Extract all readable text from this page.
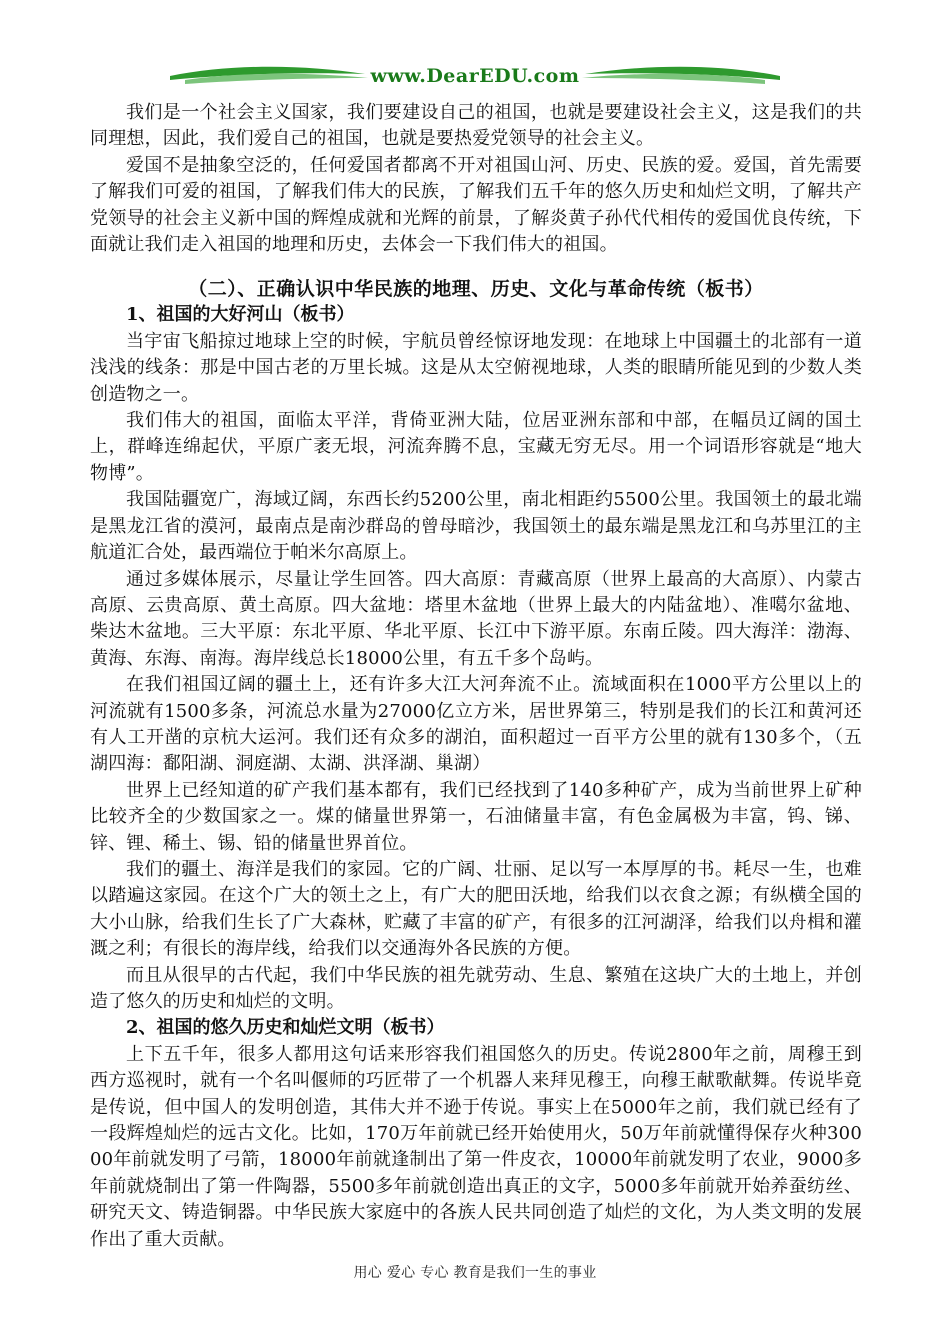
www.DearEDU.com

我们是一个社会主义国家，我们要建设自己的祖国，也就是要建设社会主义，这是我们的共同理想，因此，我们爱自己的祖国，也就是要热爱党领导的社会主义。

爱国不是抽象空泛的，任何爱国者都离不开对祖国山河、历史、民族的爱。爱国，首先需要了解我们可爱的祖国，了解我们伟大的民族，了解我们五千年的悠久历史和灿烂文明，了解共产党领导的社会主义新中国的辉煌成就和光辉的前景，了解炎黄子孙代代相传的爱国优良传统，下面就让我们走入祖国的地理和历史，去体会一下我们伟大的祖国。

（二）、正确认识中华民族的地理、历史、文化与革命传统（板书）

1、祖国的大好河山（板书）

当宇宙飞船掠过地球上空的时候，宇航员曾经惊讶地发现：在地球上中国疆土的北部有一道浅浅的线条：那是中国古老的万里长城。这是从太空俯视地球，人类的眼睛所能见到的少数人类创造物之一。

我们伟大的祖国，面临太平洋，背倚亚洲大陆，位居亚洲东部和中部，在幅员辽阔的国土上，群峰连绵起伏，平原广袤无垠，河流奔腾不息，宝藏无穷无尽。用一个词语形容就是“地大物博”。

我国陆疆宽广，海域辽阔，东西长约5200公里，南北相距约5500公里。我国领土的最北端是黑龙江省的漠河，最南点是南沙群岛的曾母暗沙，我国领土的最东端是黑龙江和乌苏里江的主航道汇合处，最西端位于帕米尔高原上。

通过多媒体展示，尽量让学生回答。四大高原：青藏高原（世界上最高的大高原）、内蒙古高原、云贵高原、黄土高原。四大盆地：塔里木盆地（世界上最大的内陆盆地）、准噶尔盆地、柴达木盆地。三大平原：东北平原、华北平原、长江中下游平原。东南丘陵。四大海洋：渤海、黄海、东海、南海。海岸线总长18000公里，有五千多个岛屿。

在我们祖国辽阔的疆土上，还有许多大江大河奔流不止。流域面积在1000平方公里以上的河流就有1500多条，河流总水量为27000亿立方米，居世界第三，特别是我们的长江和黄河还有人工开凿的京杭大运河。我们还有众多的湖泊，面积超过一百平方公里的就有130多个，（五湖四海：鄱阳湖、洞庭湖、太湖、洪泽湖、巢湖）

世界上已经知道的矿产我们基本都有，我们已经找到了140多种矿产，成为当前世界上矿种比较齐全的少数国家之一。煤的储量世界第一，石油储量丰富，有色金属极为丰富，钨、锑、锌、锂、稀土、锡、铅的储量世界首位。

我们的疆土、海洋是我们的家园。它的广阔、壮丽、足以写一本厚厚的书。耗尽一生，也难以踏遍这家园。在这个广大的领土之上，有广大的肥田沃地，给我们以衣食之源；有纵横全国的大小山脉，给我们生长了广大森林，贮藏了丰富的矿产，有很多的江河湖泽，给我们以舟楫和灌溉之利；有很长的海岸线，给我们以交通海外各民族的方便。

而且从很早的古代起，我们中华民族的祖先就劳动、生息、繁殖在这块广大的土地上，并创造了悠久的历史和灿烂的文明。

2、祖国的悠久历史和灿烂文明（板书）

上下五千年，很多人都用这句话来形容我们祖国悠久的历史。传说2800年之前，周穆王到西方巡视时，就有一个名叫偃师的巧匠带了一个机器人来拜见穆王，向穆王献歌献舞。传说毕竟是传说，但中国人的发明创造，其伟大并不逊于传说。事实上在5000年之前，我们就已经有了一段辉煌灿烂的远古文化。比如，170万年前就已经开始使用火，50万年前就懂得保存火种30000年前就发明了弓箭，18000年前就逢制出了第一件皮衣，10000年前就发明了农业，9000多年前就烧制出了第一件陶器，5500多年前就创造出真正的文字，5000多年前就开始养蚕纺丝、研究天文、铸造铜器。中华民族大家庭中的各族人民共同创造了灿烂的文化，为人类文明的发展作出了重大贡献。

用心 爱心 专心 教育是我们一生的事业
